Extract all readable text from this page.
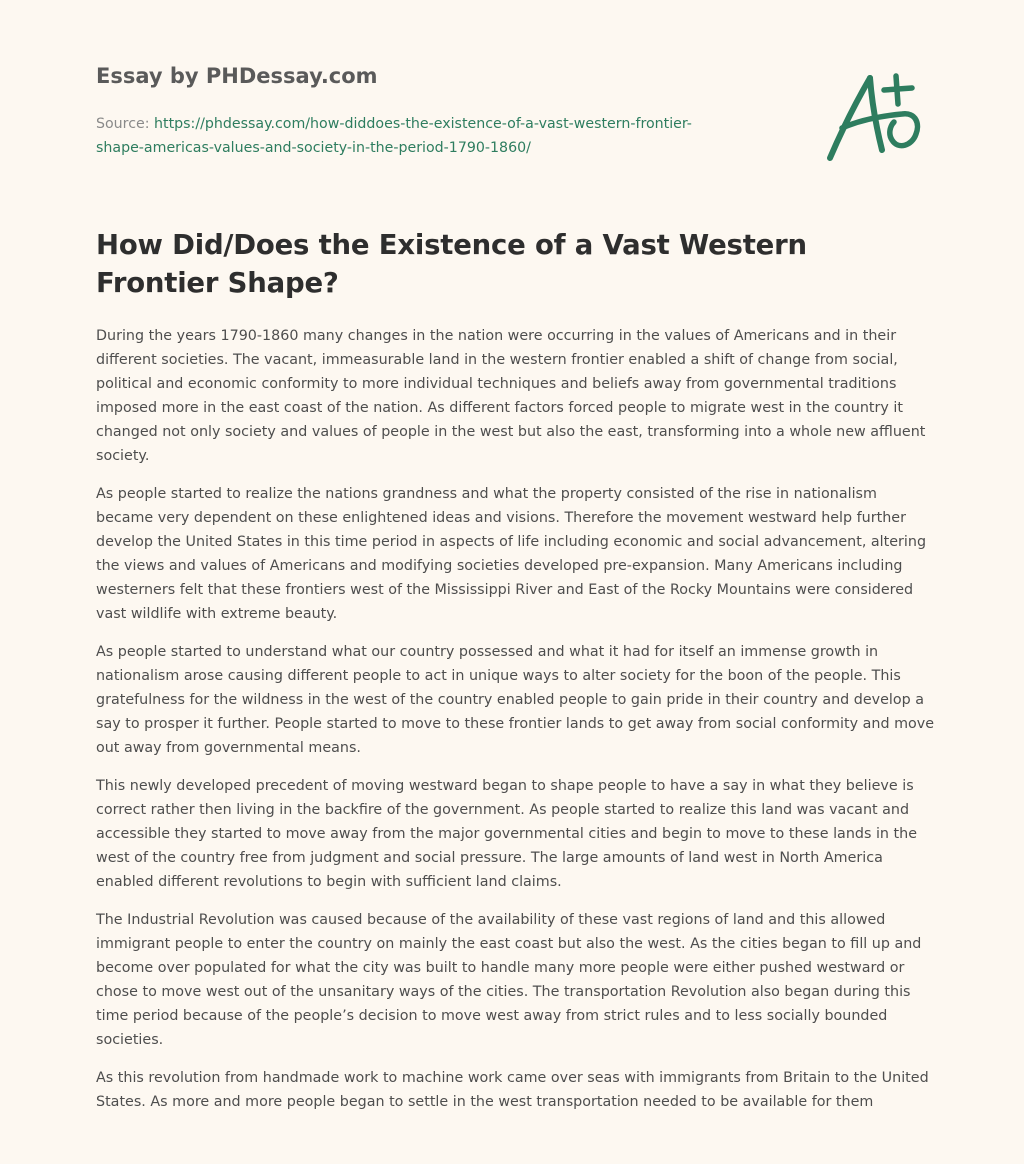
Essay by PHDessay.com
Source: https://phdessay.com/how-diddoes-the-existence-of-a-vast-western-frontier-
shape-americas-values-and-society-in-the-period-1790-1860/
How Did/Does the Existence of a Vast Western Frontier Shape?

During the years 1790-1860 many changes in the nation were occurring in the values of Americans and in their different societies. The vacant, immeasurable land in the western frontier enabled a shift of change from social, political and economic conformity to more individual techniques and beliefs away from governmental traditions imposed more in the east coast of the nation. As different factors forced people to migrate west in the country it changed not only society and values of people in the west but also the east, transforming into a whole new affluent society.

As people started to realize the nations grandness and what the property consisted of the rise in nationalism became very dependent on these enlightened ideas and visions. Therefore the movement westward help further develop the United States in this time period in aspects of life including economic and social advancement, altering the views and values of Americans and modifying societies developed pre-expansion. Many Americans including westerners felt that these frontiers west of the Mississippi River and East of the Rocky Mountains were considered vast wildlife with extreme beauty.

As people started to understand what our country possessed and what it had for itself an immense growth in nationalism arose causing different people to act in unique ways to alter society for the boon of the people. This gratefulness for the wildness in the west of the country enabled people to gain pride in their country and develop a say to prosper it further. People started to move to these frontier lands to get away from social conformity and move out away from governmental means.

This newly developed precedent of moving westward began to shape people to have a say in what they believe is correct rather then living in the backfire of the government. As people started to realize this land was vacant and accessible they started to move away from the major governmental cities and begin to move to these lands in the west of the country free from judgment and social pressure. The large amounts of land west in North America enabled different revolutions to begin with sufficient land claims.

The Industrial Revolution was caused because of the availability of these vast regions of land and this allowed immigrant people to enter the country on mainly the east coast but also the west. As the cities began to fill up and become over populated for what the city was built to handle many more people were either pushed westward or chose to move west out of the unsanitary ways of the cities. The transportation Revolution also began during this time period because of the people’s decision to move west away from strict rules and to less socially bounded societies.

As this revolution from handmade work to machine work came over seas with immigrants from Britain to the United States. As more and more people began to settle in the west transportation needed to be available for them
